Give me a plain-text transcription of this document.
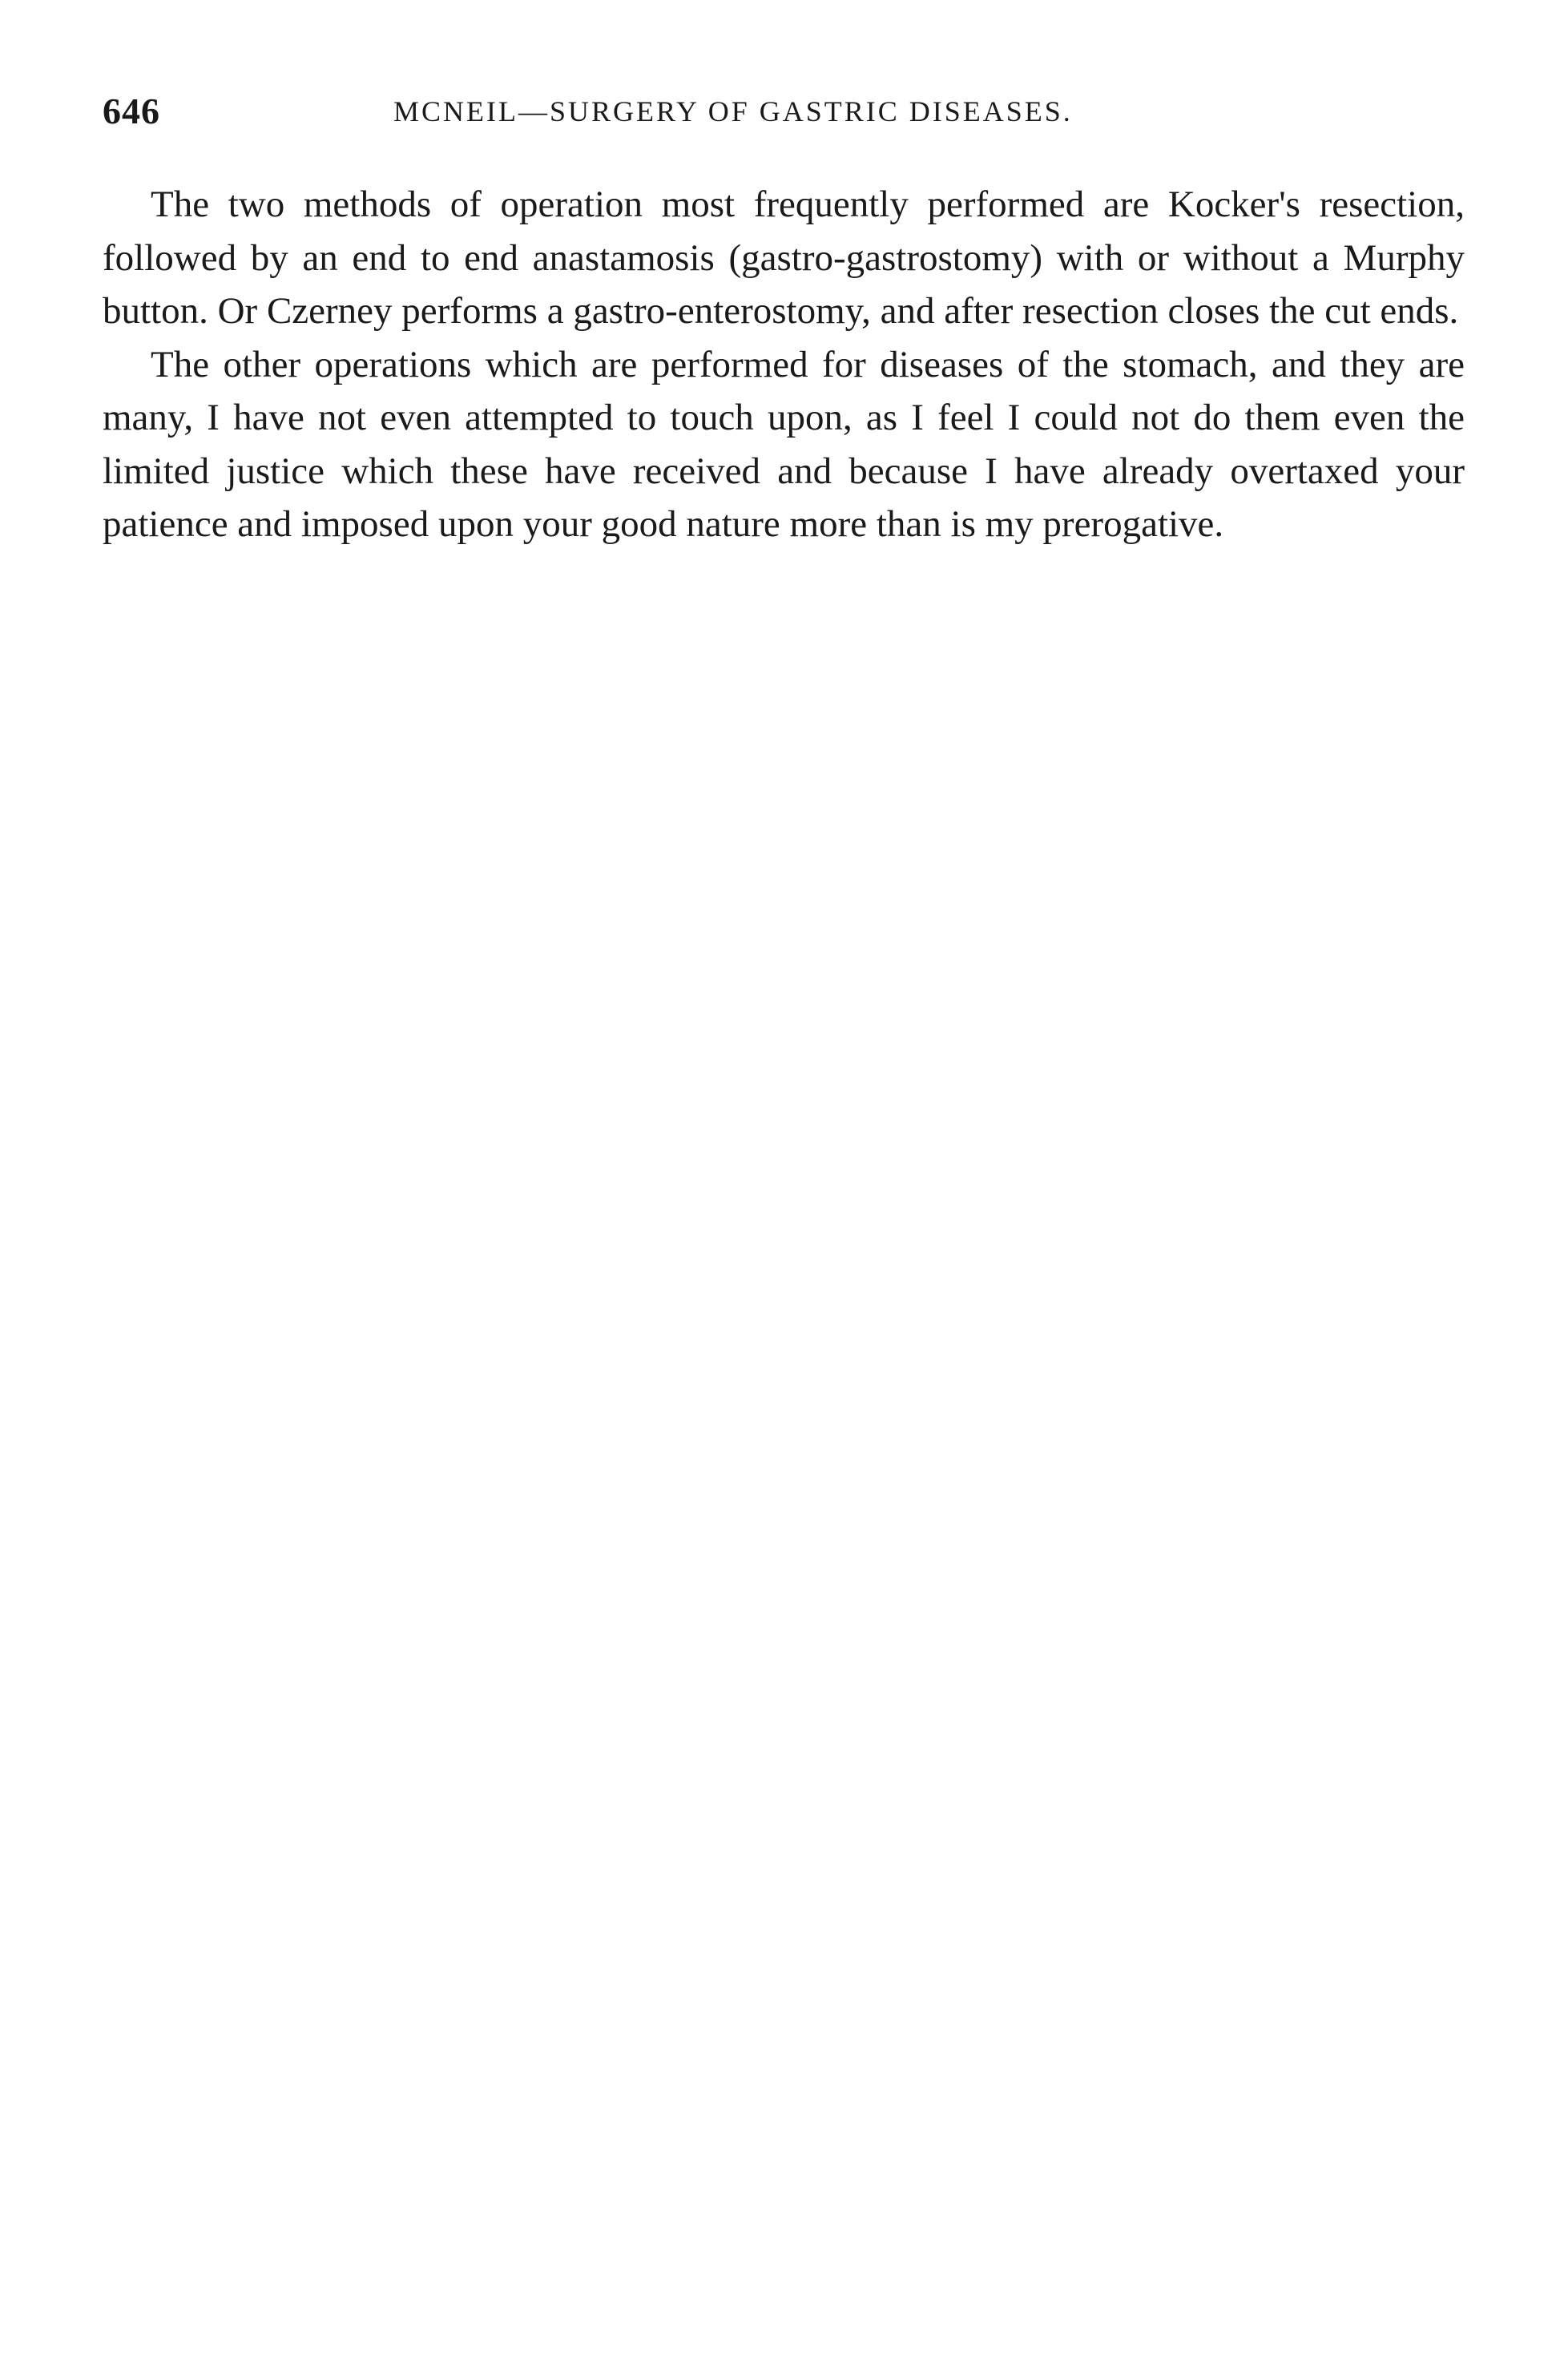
646	MCNEIL—SURGERY OF GASTRIC DISEASES.

The two methods of operation most frequently performed are Kocker's resection, followed by an end to end anastamosis (gastro-gastrostomy) with or without a Murphy button. Or Czerney performs a gastro-enterostomy, and after resection closes the cut ends.

The other operations which are performed for diseases of the stomach, and they are many, I have not even attempted to touch upon, as I feel I could not do them even the limited justice which these have received and because I have already overtaxed your patience and imposed upon your good nature more than is my prerogative.
